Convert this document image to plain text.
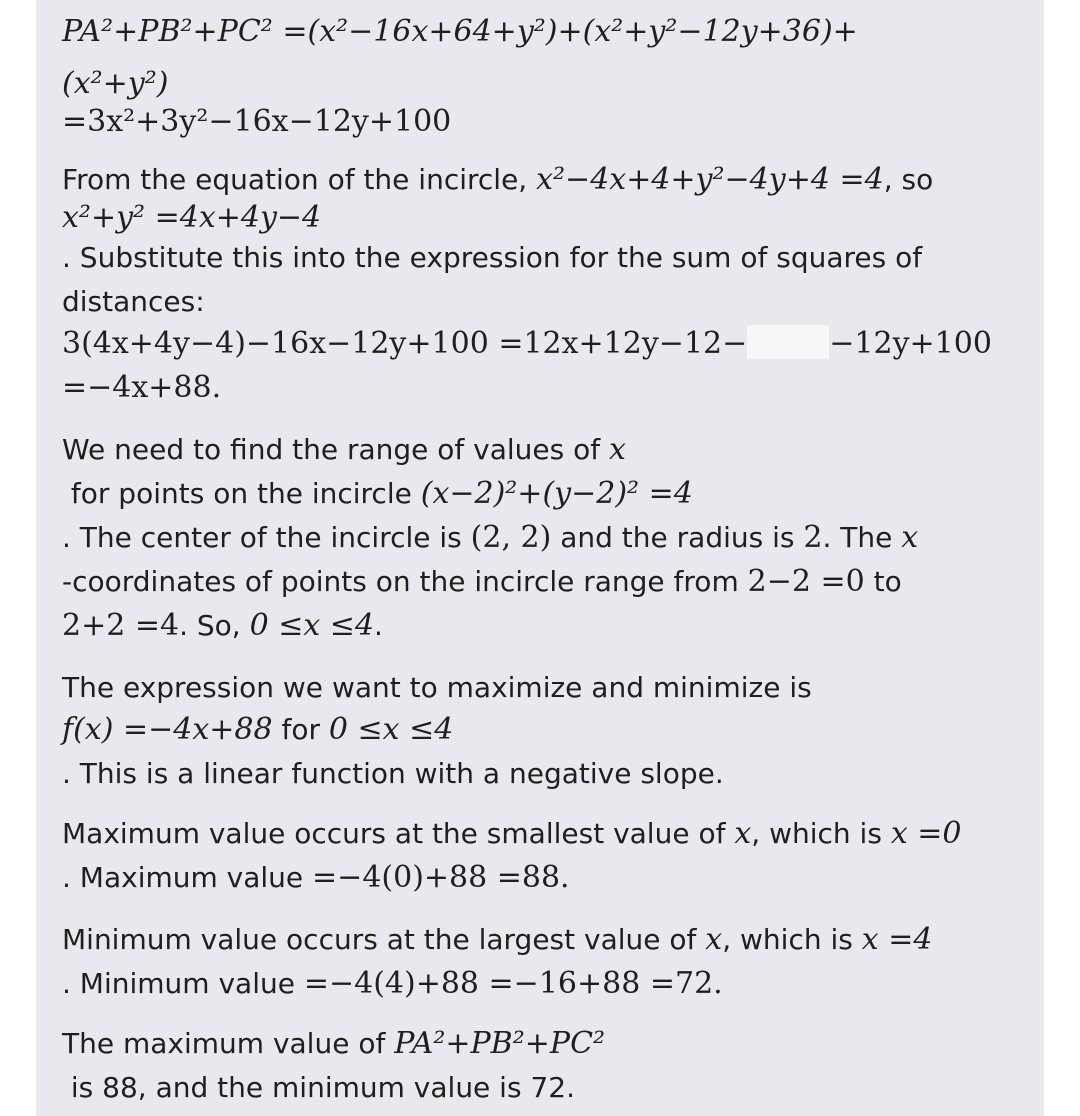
PA²+PB²+PC² =(x²−16x+64+y²)+(x²+y²−12y+36)+
(x²+y²)
=3x²+3y²−16x−12y+100
From the equation of the incircle, x²−4x+4+y²−4y+4 =4, so
x²+y² =4x+4y−4
. Substitute this into the expression for the sum of squares of
distances:
3(4x+4y−4)−16x−12y+100 =12x+12y−12−	−12y+100
=−4x+88.
We need to find the range of values of x
for points on the incircle (x−2)²+(y−2)² =4
. The center of the incircle is (2, 2) and the radius is 2. The x
-coordinates of points on the incircle range from 2−2 =0 to
2+2 =4. So, 0 ≤x ≤4.
The expression we want to maximize and minimize is
f(x) =−4x+88 for 0 ≤x ≤4
. This is a linear function with a negative slope.
Maximum value occurs at the smallest value of x, which is x =0
. Maximum value =−4(0)+88 =88.
Minimum value occurs at the largest value of x, which is x =4
. Minimum value =−4(4)+88 =−16+88 =72.
The maximum value of PA²+PB²+PC²
is 88, and the minimum value is 72.
